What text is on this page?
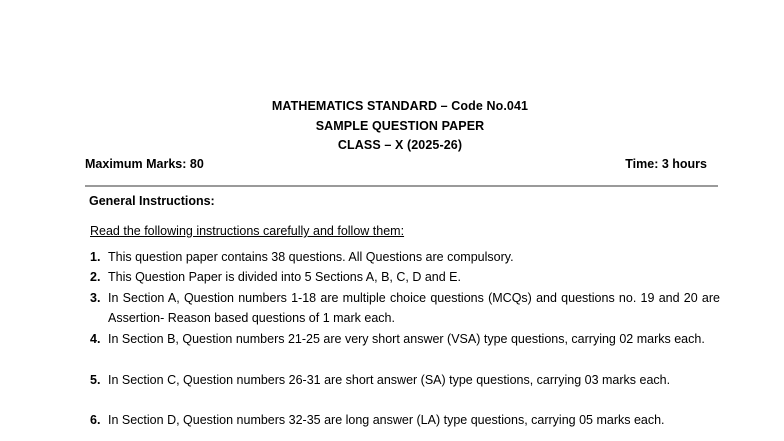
MATHEMATICS STANDARD – Code No.041
SAMPLE QUESTION PAPER
CLASS – X (2025-26)
Maximum Marks: 80	Time: 3 hours
General Instructions:
Read the following instructions carefully and follow them:
1. This question paper contains 38 questions. All Questions are compulsory.
2. This Question Paper is divided into 5 Sections A, B, C, D and E.
3. In Section A, Question numbers 1-18 are multiple choice questions (MCQs) and questions no. 19 and 20 are Assertion- Reason based questions of 1 mark each.
4. In Section B, Question numbers 21-25 are very short answer (VSA) type questions, carrying 02 marks each.
5. In Section C, Question numbers 26-31 are short answer (SA) type questions, carrying 03 marks each.
6. In Section D, Question numbers 32-35 are long answer (LA) type questions, carrying 05 marks each.
